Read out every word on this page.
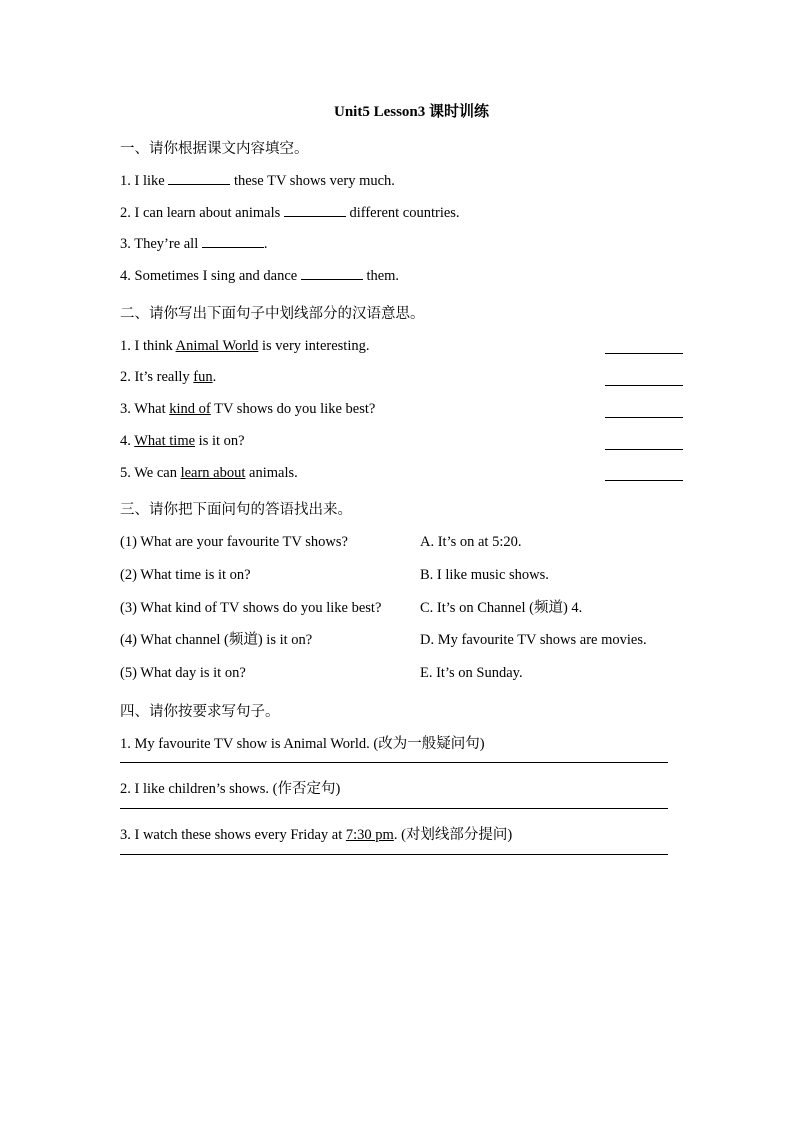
Unit5 Lesson3 课时训练
一、请你根据课文内容填空。
1. I like	these TV shows very much.
2. I can learn about animals	different countries.
3. They’re all	.
4. Sometimes I sing and dance	them.
二、请你写出下面句子中划线部分的汉语意思。
1. I think Animal World is very interesting.
2. It’s really fun.
3. What kind of TV shows do you like best?
4. What time is it on?
5. We can learn about animals.
三、请你把下面问句的答语找出来。
(1) What are your favourite TV shows?	A. It’s on at 5:20.
(2) What time is it on?	B. I like music shows.
(3) What kind of TV shows do you like best?	C. It’s on Channel (频道) 4.
(4) What channel (频道) is it on?	D. My favourite TV shows are movies.
(5) What day is it on?	E. It’s on Sunday.
四、请你按要求写句子。
1. My favourite TV show is Animal World. (改为一般疑问句)
2. I like children’s shows. (作否定句)
3. I watch these shows every Friday at 7:30 pm. (对划线部分提问)
